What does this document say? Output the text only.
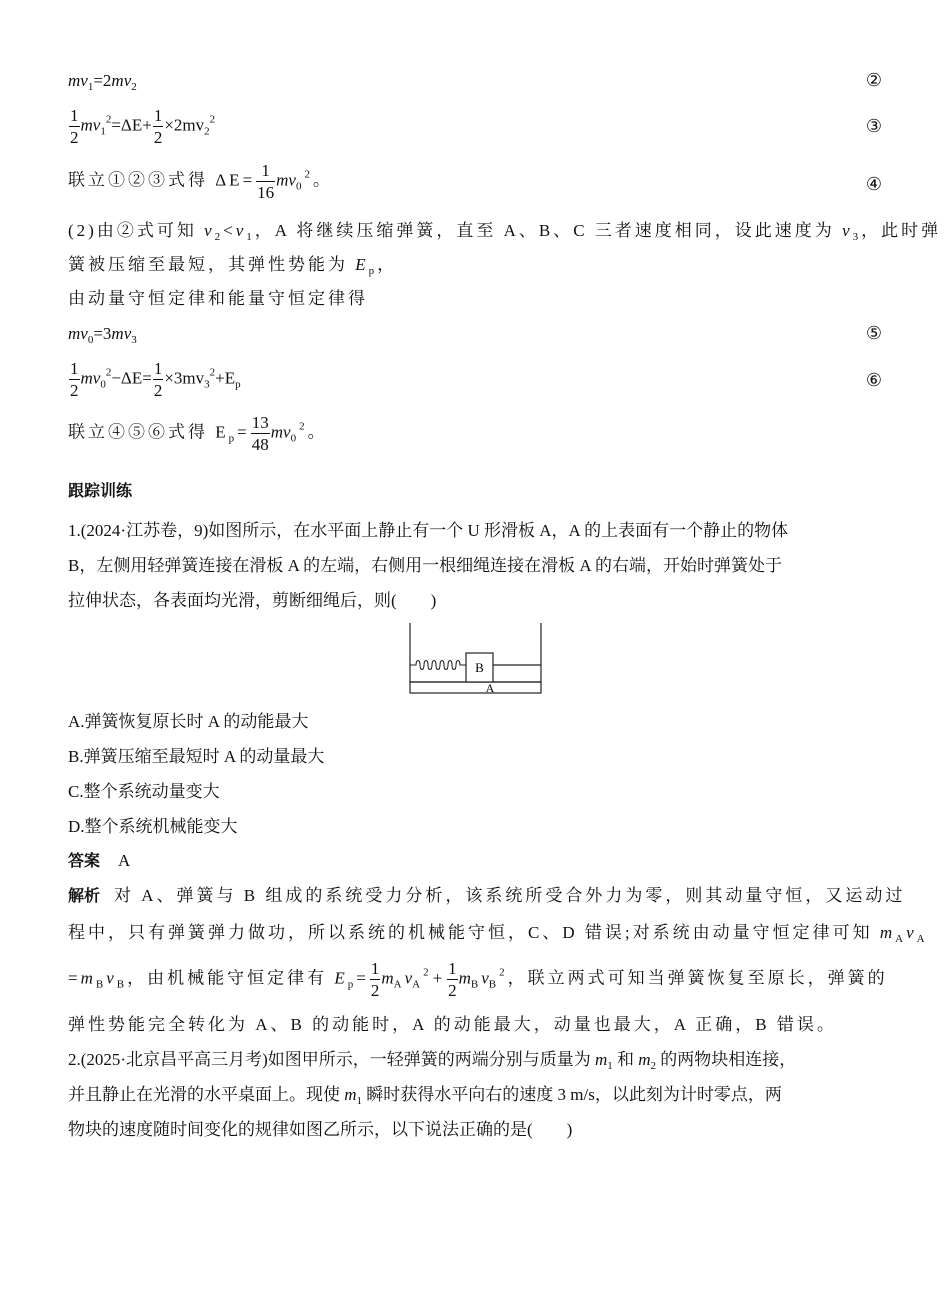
$mv_1=2mv_2$	②
$\frac{1}{2} mv_1^2=\Delta E+ \frac{1}{2} \times 2mv_2^2$	③
联立①②③式得 $\Delta E= \frac{1}{16} mv_0^2$。	④
(2)由②式可知 $v_2<v_1$，A 将继续压缩弹簧，直至 A、B、C 三者速度相同，设此速度为 $v_3$，此时弹
簧被压缩至最短，其弹性势能为 $E_p$，
由动量守恒定律和能量守恒定律得
$mv_0=3mv_3$	⑤
$\frac{1}{2} mv_0^2-\Delta E= \frac{1}{2} \times 3mv_3^2+E_p$	⑥
联立④⑤⑥式得 $E_p= \frac{13}{48} mv_0^2$。
跟踪训练
1.(2024·江苏卷，9)如图所示，在水平面上静止有一个 U 形滑板 A，A 的上表面有一个静止的物体
B，左侧用轻弹簧连接在滑板 A 的左端，右侧用一根细绳连接在滑板 A 的右端，开始时弹簧处于
拉伸状态，各表面均光滑，剪断细绳后，则(　　)
B
A
A.弹簧恢复原长时 A 的动能最大
B.弹簧压缩至最短时 A 的动量最大
C.整个系统动量变大
D.整个系统机械能变大
答案 A
解析 对 A、弹簧与 B 组成的系统受力分析，该系统所受合外力为零，则其动量守恒，又运动过
程中，只有弹簧弹力做功，所以系统的机械能守恒，C、D 错误;对系统由动量守恒定律可知 $m_Av_A$
$=m_Bv_B$，由机械能守恒定律有 $E_p= \frac{1}{2} m_Av_A^2+ \frac{1}{2} m_Bv_B^2$，联立两式可知当弹簧恢复至原长，弹簧的
弹性势能完全转化为 A、B 的动能时，A 的动能最大，动量也最大，A 正确，B 错误。
2.(2025·北京昌平高三月考)如图甲所示，一轻弹簧的两端分别与质量为 $m_1$ 和 $m_2$ 的两物块相连接，
并且静止在光滑的水平桌面上。现使 $m_1$ 瞬时获得水平向右的速度 3 m/s，以此刻为计时零点，两
物块的速度随时间变化的规律如图乙所示，以下说法正确的是(　　)
